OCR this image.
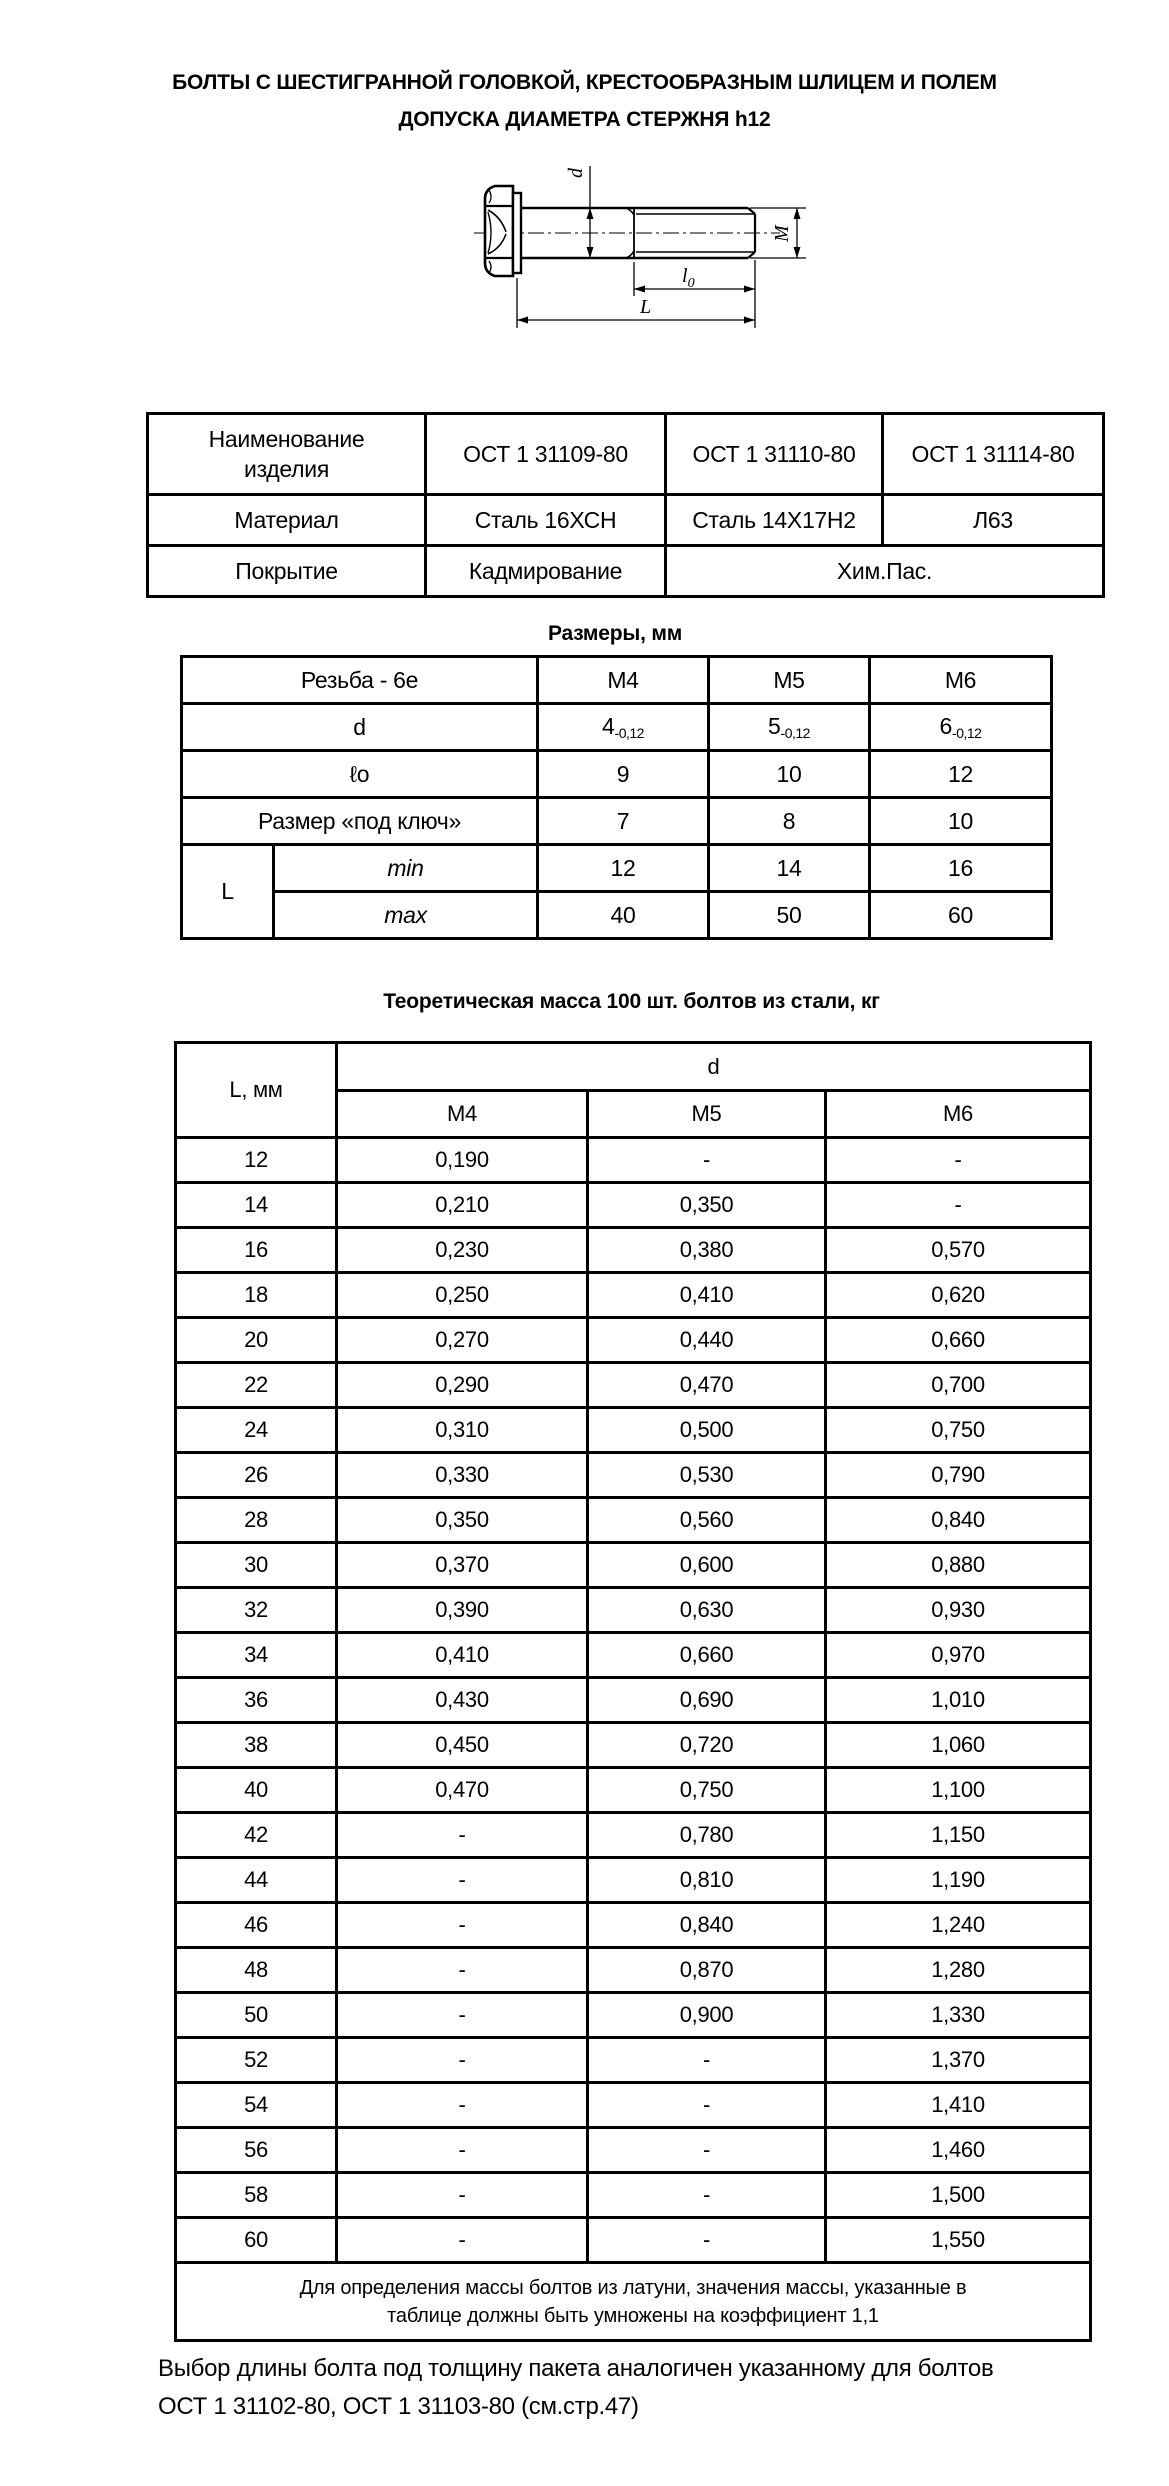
БОЛТЫ С ШЕСТИГРАННОЙ ГОЛОВКОЙ, КРЕСТООБРАЗНЫМ ШЛИЦЕМ И ПОЛЕМ
ДОПУСКА ДИАМЕТРА СТЕРЖНЯ h12
d
M
$l_0$
L
Наименование
изделия	ОСТ 1 31109-80	ОСТ 1 31110-80	ОСТ 1 31114-80
Материал	Сталь 16ХСН	Сталь 14Х17Н2	Л63
Покрытие	Кадмирование	Хим.Пас.	
Размеры, мм
Резьба - 6е		М4	М5	М6
d		$4_{-0,12}$	$5_{-0,12}$	$6_{-0,12}$
ℓо		9	10	12
Размер «под ключ»		7	8	10
L	min	12	14	16
	max	40	50	60
Теоретическая масса 100 шт. болтов из стали, кг
L, мм	d		
	М4	М5	М6
12	0,190	-	-
14	0,210	0,350	-
16	0,230	0,380	0,570
18	0,250	0,410	0,620
20	0,270	0,440	0,660
22	0,290	0,470	0,700
24	0,310	0,500	0,750
26	0,330	0,530	0,790
28	0,350	0,560	0,840
30	0,370	0,600	0,880
32	0,390	0,630	0,930
34	0,410	0,660	0,970
36	0,430	0,690	1,010
38	0,450	0,720	1,060
40	0,470	0,750	1,100
42	-	0,780	1,150
44	-	0,810	1,190
46	-	0,840	1,240
48	-	0,870	1,280
50	-	0,900	1,330
52	-	-	1,370
54	-	-	1,410
56	-	-	1,460
58	-	-	1,500
60	-	-	1,550

Для определения массы болтов из латуни, значения массы, указанные в
таблице должны быть умножены на коэффициент 1,1			
Выбор длины болта под толщину пакета аналогичен указанному для болтов
ОСТ 1 31102-80, ОСТ 1 31103-80 (см.стр.47)
